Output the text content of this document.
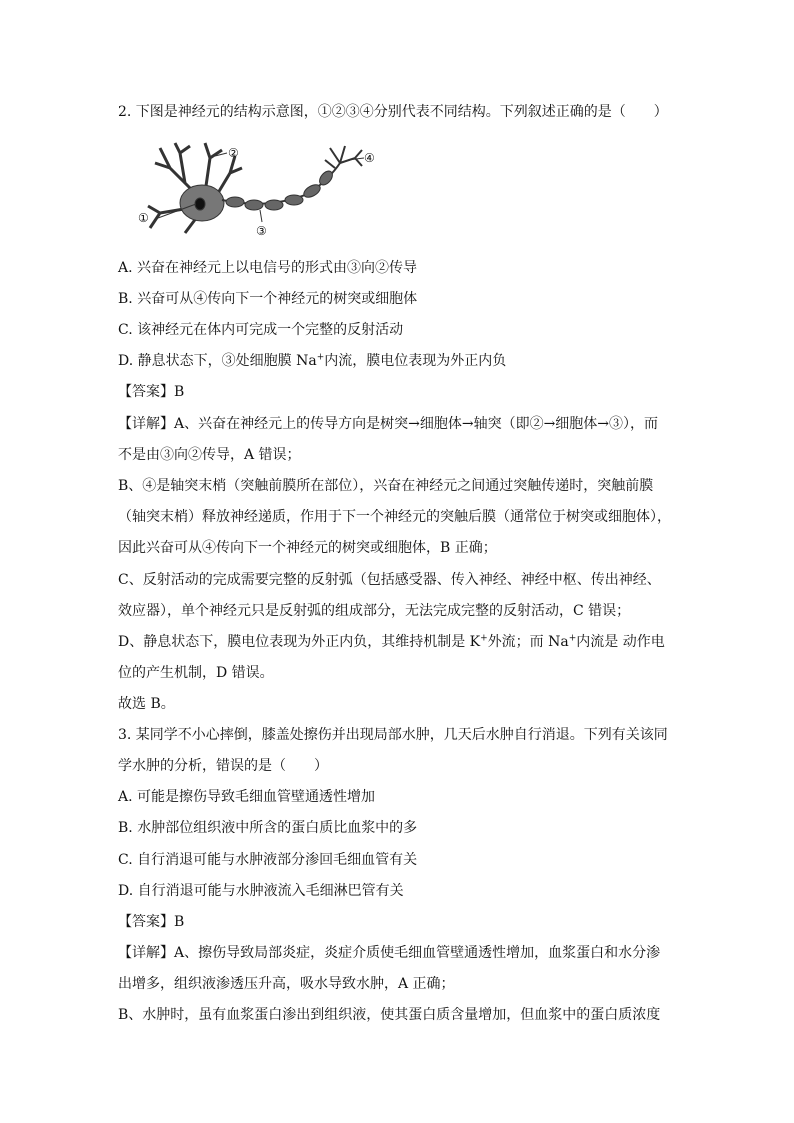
2. 下图是神经元的结构示意图，①②③④分别代表不同结构。下列叙述正确的是（　　）
①
②
③
④
A. 兴奋在神经元上以电信号的形式由③向②传导
B. 兴奋可从④传向下一个神经元的树突或细胞体
C. 该神经元在体内可完成一个完整的反射活动
D. 静息状态下，③处细胞膜 Na+内流，膜电位表现为外正内负
【答案】B
【详解】A、兴奋在神经元上的传导方向是树突→细胞体→轴突（即②→细胞体→③），而
不是由③向②传导，A 错误；
B、④是轴突末梢（突触前膜所在部位），兴奋在神经元之间通过突触传递时，突触前膜
（轴突末梢）释放神经递质，作用于下一个神经元的突触后膜（通常位于树突或细胞体），
因此兴奋可从④传向下一个神经元的树突或细胞体，B 正确；
C、反射活动的完成需要完整的反射弧（包括感受器、传入神经、神经中枢、传出神经、
效应器），单个神经元只是反射弧的组成部分，无法完成完整的反射活动，C 错误；
D、静息状态下，膜电位表现为外正内负，其维持机制是 K+外流；而 Na+内流是 动作电
位的产生机制，D 错误。
故选 B。
3. 某同学不小心摔倒，膝盖处擦伤并出现局部水肿，几天后水肿自行消退。下列有关该同
学水肿的分析，错误的是（　　）
A. 可能是擦伤导致毛细血管壁通透性增加
B. 水肿部位组织液中所含的蛋白质比血浆中的多
C. 自行消退可能与水肿液部分渗回毛细血管有关
D. 自行消退可能与水肿液流入毛细淋巴管有关
【答案】B
【详解】A、擦伤导致局部炎症，炎症介质使毛细血管壁通透性增加，血浆蛋白和水分渗
出增多，组织液渗透压升高，吸水导致水肿，A 正确；
B、水肿时，虽有血浆蛋白渗出到组织液，使其蛋白质含量增加，但血浆中的蛋白质浓度
